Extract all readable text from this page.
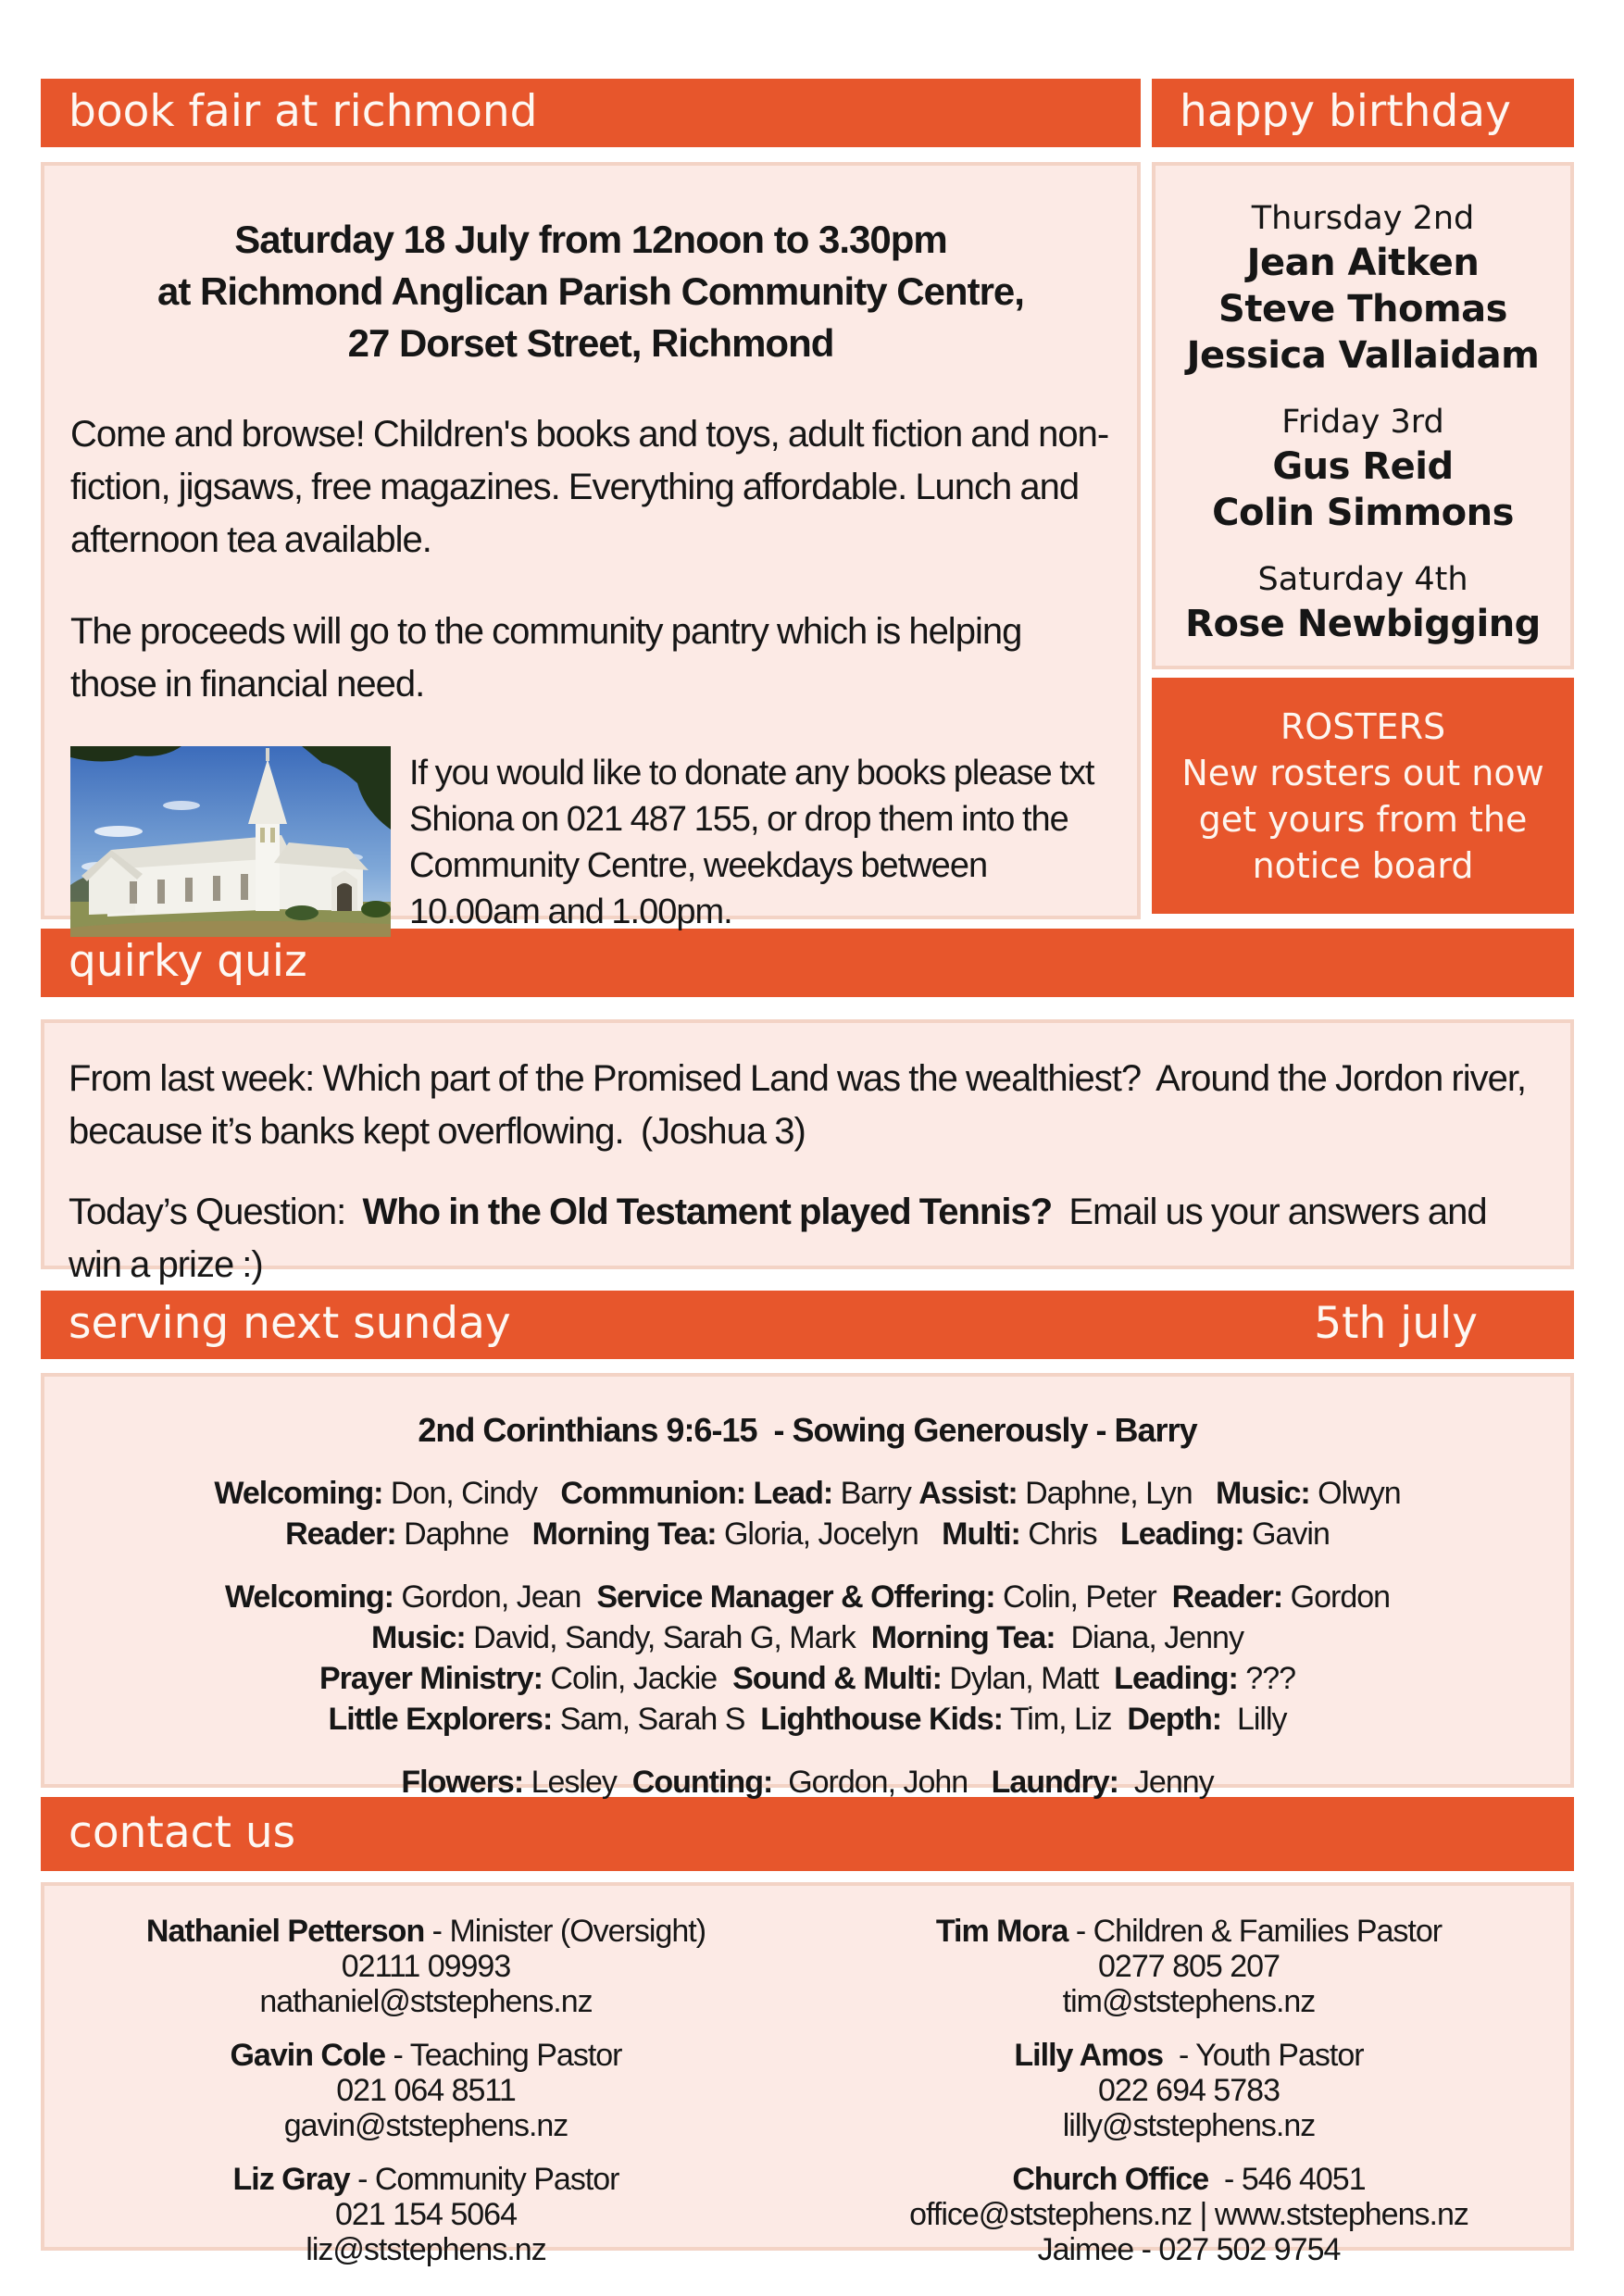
book fair at richmond
Saturday 18 July from 12noon to 3.30pm
at Richmond Anglican Parish Community Centre,
27 Dorset Street, Richmond

Come and browse! Children's books and toys, adult fiction and non-fiction, jigsaws, free magazines. Everything affordable. Lunch and afternoon tea available.

The proceeds will go to the community pantry which is helping those in financial need.

If you would like to donate any books please txt Shiona on 021 487 155, or drop them into the Community Centre, weekdays between 10.00am and 1.00pm.

happy birthday
Thursday 2nd
Jean Aitken
Steve Thomas
Jessica Vallaidam
Friday 3rd
Gus Reid
Colin Simmons
Saturday 4th
Rose Newbigging
ROSTERS
New rosters out now
get yours from the
notice board
quirky quiz

From last week: Which part of the Promised Land was the wealthiest?  Around the Jordon river, because it’s banks kept overflowing.  (Joshua 3)

Today’s Question:  Who in the Old Testament played Tennis?  Email us your answers and win a prize :)

serving next sunday	5th july
2nd Corinthians 9:6-15  - Sowing Generously - Barry
Welcoming: Don, Cindy   Communion: Lead: Barry Assist: Daphne, Lyn   Music: Olwyn
Reader: Daphne   Morning Tea: Gloria, Jocelyn   Multi: Chris   Leading: Gavin
Welcoming: Gordon, Jean  Service Manager & Offering: Colin, Peter  Reader: Gordon
Music: David, Sandy, Sarah G, Mark  Morning Tea:  Diana, Jenny
Prayer Ministry: Colin, Jackie  Sound & Multi: Dylan, Matt  Leading: ???
Little Explorers: Sam, Sarah S  Lighthouse Kids: Tim, Liz  Depth:  Lilly
Flowers: Lesley  Counting:  Gordon, John   Laundry:  Jenny
contact us
Nathaniel Petterson - Minister (Oversight)
02111 09993
nathaniel@ststephens.nz
Gavin Cole - Teaching Pastor
021 064 8511
gavin@ststephens.nz
Liz Gray - Community Pastor
021 154 5064
liz@ststephens.nz
Tim Mora - Children & Families Pastor
0277 805 207
tim@ststephens.nz
Lilly Amos  - Youth Pastor
022 694 5783
lilly@ststephens.nz
Church Office  - 546 4051
office@ststephens.nz | www.ststephens.nz
Jaimee - 027 502 9754
